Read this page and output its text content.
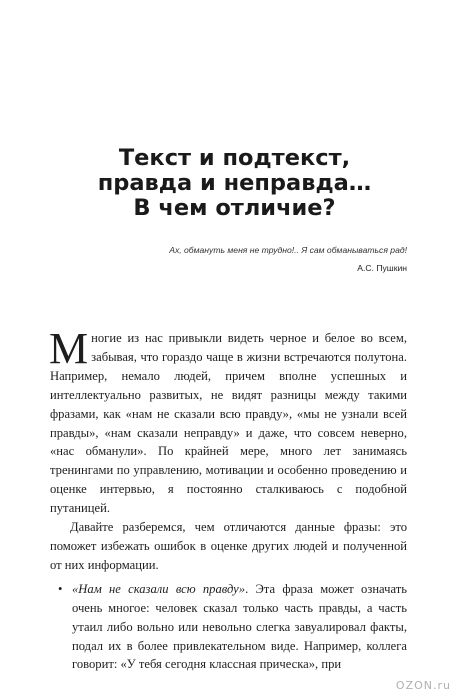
Текст и подтекст,
правда и неправда…
В чем отличие?
Ах, обмануть меня не трудно!.. Я сам обманываться рад!
А.С. Пушкин

Многие из нас привыкли видеть черное и белое во всем, забывая, что гораздо чаще в жизни встречаются полутона. Например, немало людей, причем вполне успешных и интеллектуально развитых, не видят разницы между такими фразами, как «нам не сказали всю правду», «мы не узнали всей правды», «нам сказали неправду» и даже, что совсем неверно, «нас обманули». По крайней мере, много лет занимаясь тренингами по управлению, мотивации и особенно проведению и оценке интервью, я постоянно сталкиваюсь с подобной путаницей.

Давайте разберемся, чем отличаются данные фразы: это поможет избежать ошибок в оценке других людей и полученной от них информации.

• «Нам не сказали всю правду». Эта фраза может означать очень многое: человек сказал только часть правды, а часть утаил либо вольно или невольно слегка завуалировал факты, подал их в более привлекательном виде. Например, коллега говорит: «У тебя сегодня классная прическа», при

OZON.ru
